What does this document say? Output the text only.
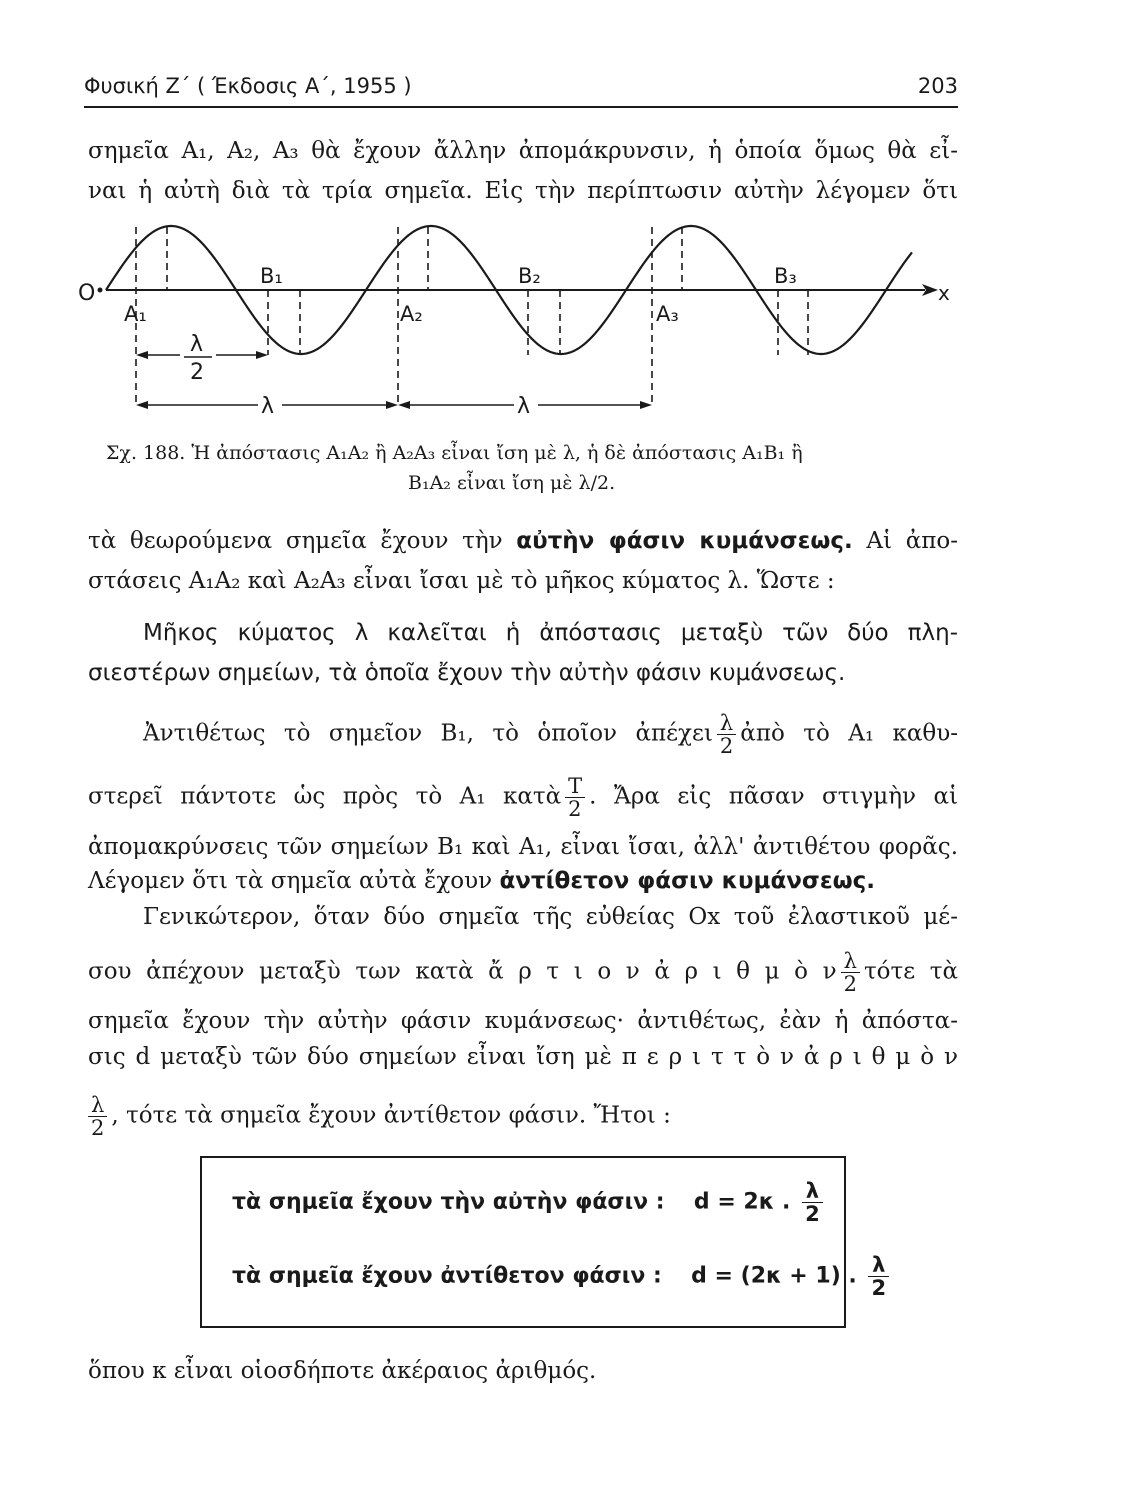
Φυσική Ζ΄ ( Έκδοσις Α΄, 1955 )	203
σημεῖα Α₁, Α₂, Α₃ θὰ ἔχουν ἄλλην ἀπομάκρυνσιν, ἡ ὁποία ὅμως θὰ εἶ-
ναι ἡ αὐτὴ διὰ τὰ τρία σημεῖα. Εἰς τὴν περίπτωσιν αὐτὴν λέγομεν ὅτι
O	x
A₁	A₂	A₃
B₁	B₂	B₃
λ
2
λ	λ
Σχ. 188. Ἡ ἀπόστασις Α₁Α₂ ἢ Α₂Α₃ εἶναι ἴση μὲ λ, ἡ δὲ ἀπόστασις Α₁Β₁ ἢ
Β₁Α₂ εἶναι ἴση μὲ λ/2.
τὰ θεωρούμενα σημεῖα ἔχουν τὴν αὐτὴν φάσιν κυμάνσεως. Αἱ ἀπο-
στάσεις Α₁Α₂ καὶ Α₂Α₃ εἶναι ἴσαι μὲ τὸ μῆκος κύματος λ. Ὥστε :
Μῆκος κύματος λ καλεῖται ἡ ἀπόστασις μεταξὺ τῶν δύο πλη-
σιεστέρων σημείων, τὰ ὁποῖα ἔχουν τὴν αὐτὴν φάσιν κυμάνσεως.
Ἀντιθέτως τὸ σημεῖον Β₁, τὸ ὁποῖον ἀπέχει $\frac{\lambda}{2}$ ἀπὸ τὸ Α₁ καθυ-
στερεῖ πάντοτε ὡς πρὸς τὸ Α₁ κατὰ $\frac{T}{2}$ . Ἄρα εἰς πᾶσαν στιγμὴν αἱ
ἀπομακρύνσεις τῶν σημείων Β₁ καὶ Α₁, εἶναι ἴσαι, ἀλλ' ἀντιθέτου φορᾶς.
Λέγομεν ὅτι τὰ σημεῖα αὐτὰ ἔχουν ἀντίθετον φάσιν κυμάνσεως.
Γενικώτερον, ὅταν δύο σημεῖα τῆς εὐθείας Οx τοῦ ἐλαστικοῦ μέ-
σου ἀπέχουν μεταξὺ των κατὰ ἄ ρ τ ι ο ν ἀ ρ ι θ μ ὸ ν $\frac{\lambda}{2}$ τότε τὰ
σημεῖα ἔχουν τὴν αὐτὴν φάσιν κυμάνσεως· ἀντιθέτως, ἐὰν ἡ ἀπόστα-
σις d μεταξὺ τῶν δύο σημείων εἶναι ἴση μὲ π ε ρ ι τ τ ὸ ν ἀ ρ ι θ μ ὸ ν
$\frac{\lambda}{2}$ , τότε τὰ σημεῖα ἔχουν ἀντίθετον φάσιν. Ἤτοι :
τὰ σημεῖα ἔχουν τὴν αὐτὴν φάσιν : d = 2κ . $\frac{\lambda}{2}$
τὰ σημεῖα ἔχουν ἀντίθετον φάσιν : d = (2κ + 1) . $\frac{\lambda}{2}$
ὅπου κ εἶναι οἱοσδήποτε ἀκέραιος ἀριθμός.
